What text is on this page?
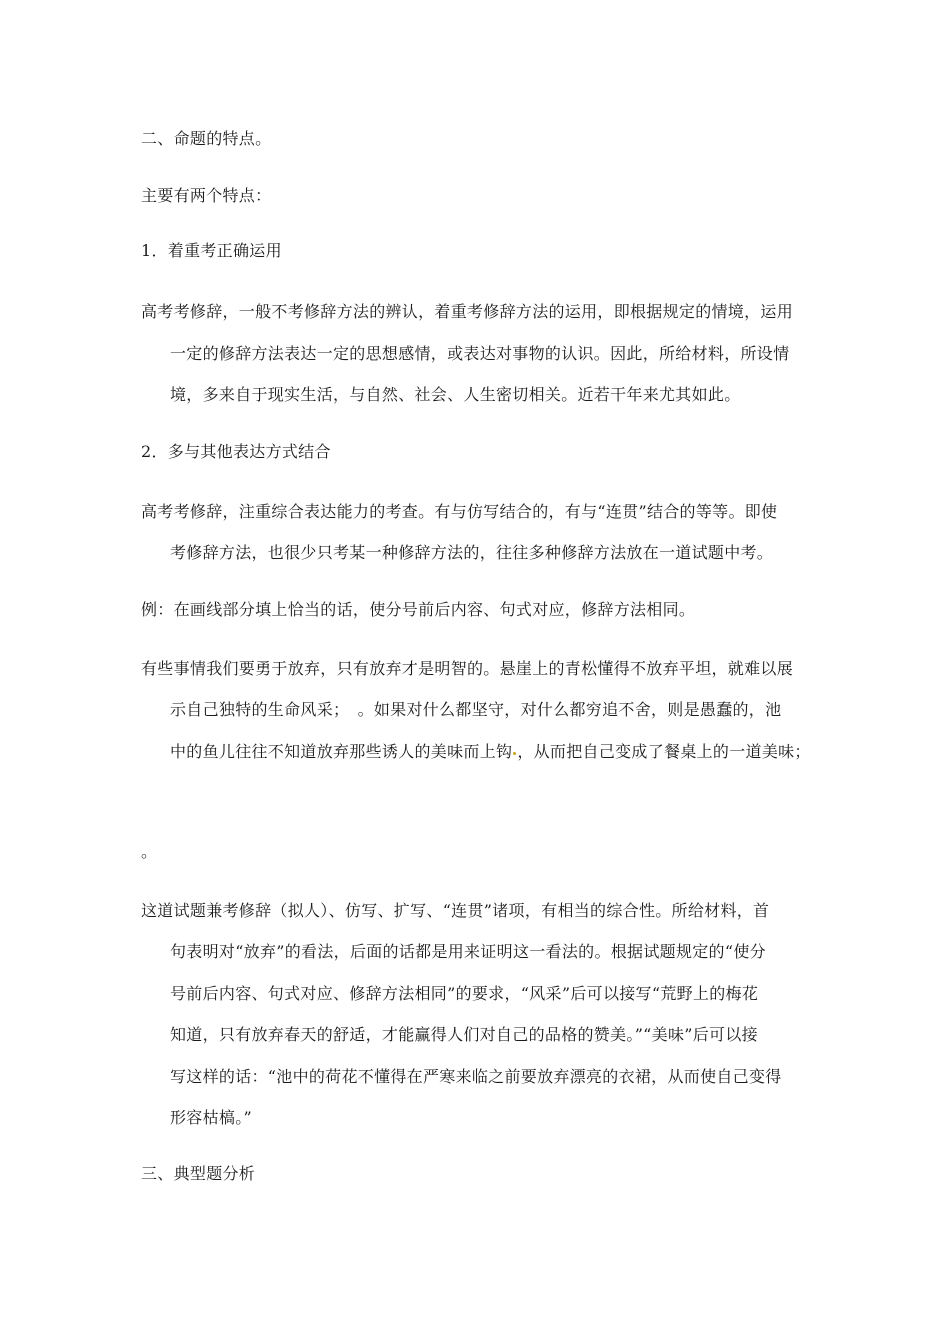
二、命题的特点。
主要有两个特点：
1．着重考正确运用
高考考修辞，一般不考修辞方法的辨认，着重考修辞方法的运用，即根据规定的情境，运用
一定的修辞方法表达一定的思想感情，或表达对事物的认识。因此，所给材料，所设情
境，多来自于现实生活，与自然、社会、人生密切相关。近若干年来尤其如此。
2．多与其他表达方式结合
高考考修辞，注重综合表达能力的考查。有与仿写结合的，有与“连贯”结合的等等。即使
考修辞方法，也很少只考某一种修辞方法的，往往多种修辞方法放在一道试题中考。
例：在画线部分填上恰当的话，使分号前后内容、句式对应，修辞方法相同。
有些事情我们要勇于放弃，只有放弃才是明智的。悬崖上的青松懂得不放弃平坦，就难以展
示自己独特的生命风采；　。如果对什么都坚守，对什么都穷追不舍，则是愚蠢的，池
中的鱼儿往往不知道放弃那些诱人的美味而上钩 ，从而把自己变成了餐桌上的一道美味；
。
这道试题兼考修辞（拟人）、仿写、扩写、“连贯”诸项，有相当的综合性。所给材料，首
句表明对“放弃”的看法，后面的话都是用来证明这一看法的。根据试题规定的“使分
号前后内容、句式对应、修辞方法相同”的要求，“风采”后可以接写“荒野上的梅花
知道，只有放弃春天的舒适，才能赢得人们对自己的品格的赞美。”“美味”后可以接
写这样的话：“池中的荷花不懂得在严寒来临之前要放弃漂亮的衣裙，从而使自己变得
形容枯槁。”
三、典型题分析
